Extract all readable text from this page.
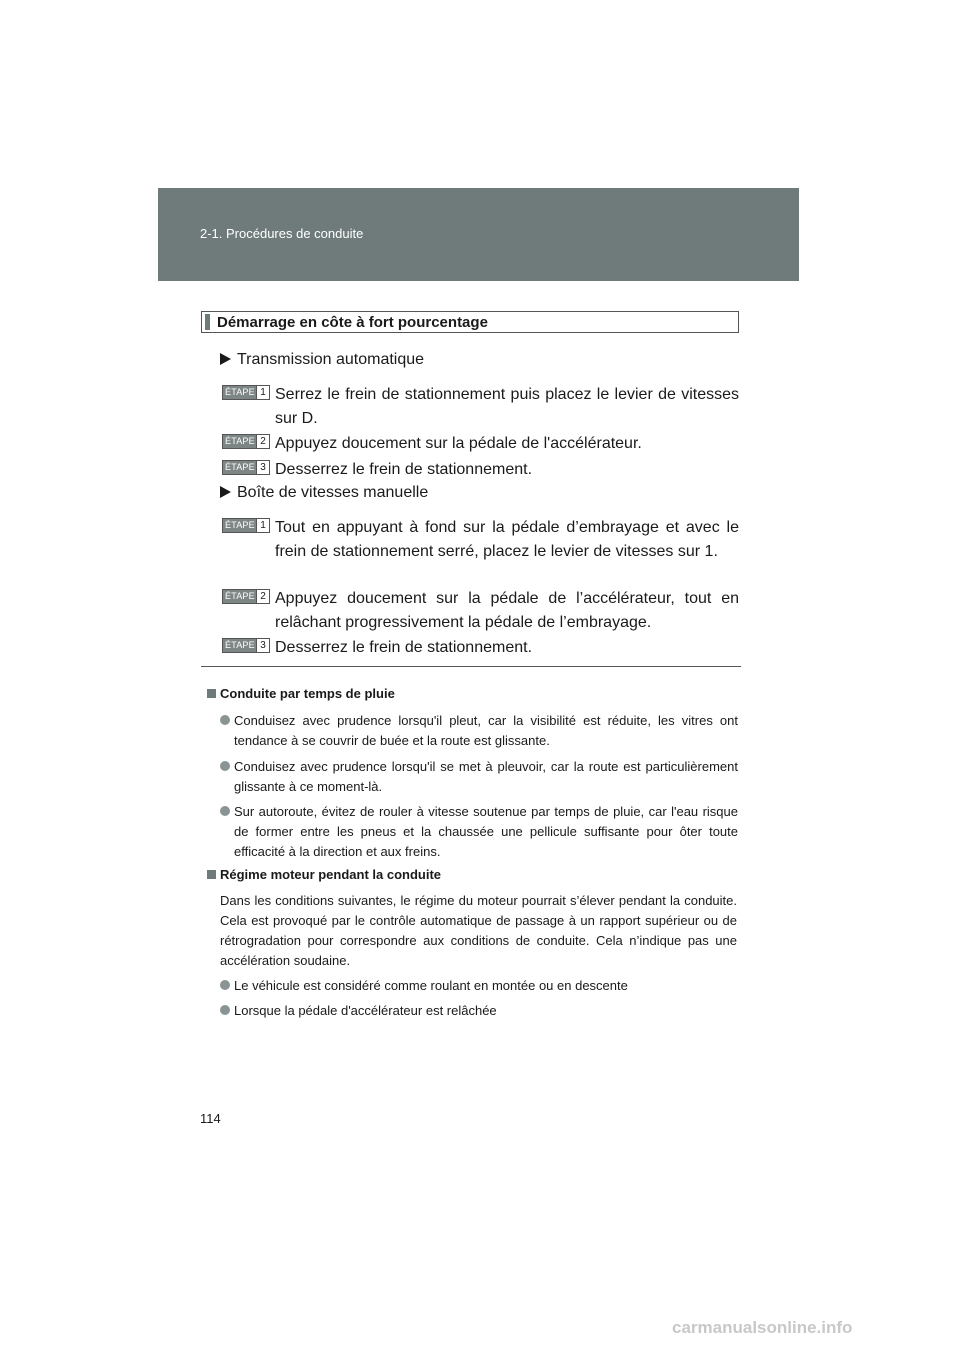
2-1. Procédures de conduite
Démarrage en côte à fort pourcentage
Transmission automatique
ÉTAPE 1 Serrez le frein de stationnement puis placez le levier de vitesses sur D.
ÉTAPE 2 Appuyez doucement sur la pédale de l'accélérateur.
ÉTAPE 3 Desserrez le frein de stationnement.
Boîte de vitesses manuelle
ÉTAPE 1 Tout en appuyant à fond sur la pédale d’embrayage et avec le frein de stationnement serré, placez le levier de vitesses sur 1.
ÉTAPE 2 Appuyez doucement sur la pédale de l’accélérateur, tout en relâchant progressivement la pédale de l’embrayage.
ÉTAPE 3 Desserrez le frein de stationnement.
Conduite par temps de pluie
Conduisez avec prudence lorsqu'il pleut, car la visibilité est réduite, les vitres ont tendance à se couvrir de buée et la route est glissante.
Conduisez avec prudence lorsqu'il se met à pleuvoir, car la route est particulièrement glissante à ce moment-là.
Sur autoroute, évitez de rouler à vitesse soutenue par temps de pluie, car l'eau risque de former entre les pneus et la chaussée une pellicule suffisante pour ôter toute efficacité à la direction et aux freins.
Régime moteur pendant la conduite
Dans les conditions suivantes, le régime du moteur pourrait s’élever pendant la conduite. Cela est provoqué par le contrôle automatique de passage à un rapport supérieur ou de rétrogradation pour correspondre aux conditions de conduite. Cela n’indique pas une accélération soudaine.
Le véhicule est considéré comme roulant en montée ou en descente
Lorsque la pédale d'accélérateur est relâchée
114
carmanualsonline.info
